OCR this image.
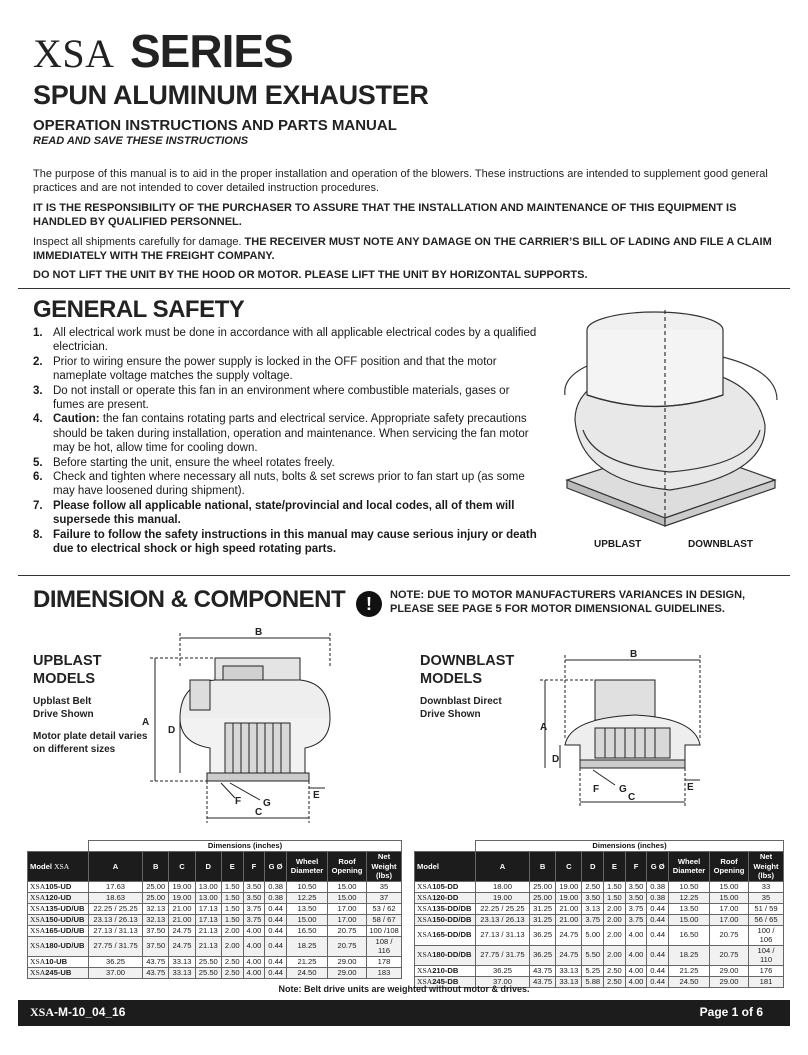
XSA SERIES
SPUN ALUMINUM EXHAUSTER
OPERATION INSTRUCTIONS AND PARTS MANUAL
READ AND SAVE THESE INSTRUCTIONS
The purpose of this manual is to aid in the proper installation and operation of the blowers. These instructions are intended to supplement good general practices and are not intended to cover detailed instruction procedures.
IT IS THE RESPONSIBILITY OF THE PURCHASER TO ASSURE THAT THE INSTALLATION AND MAINTENANCE OF THIS EQUIPMENT IS HANDLED BY QUALIFIED PERSONNEL.
Inspect all shipments carefully for damage. THE RECEIVER MUST NOTE ANY DAMAGE ON THE CARRIER’S BILL OF LADING AND FILE A CLAIM IMMEDIATELY WITH THE FREIGHT COMPANY.
DO NOT LIFT THE UNIT BY THE HOOD OR MOTOR. PLEASE LIFT THE UNIT BY HORIZONTAL SUPPORTS.
GENERAL SAFETY
1. All electrical work must be done in accordance with all applicable electrical codes by a qualified electrician.
2. Prior to wiring ensure the power supply is locked in the OFF position and that the motor nameplate voltage matches the supply voltage.
3. Do not install or operate this fan in an environment where combustible materials, gases or fumes are present.
4. Caution: the fan contains rotating parts and electrical service. Appropriate safety precautions should be taken during installation, operation and maintenance. When servicing the fan motor may be hot, allow time for cooling down.
5. Before starting the unit, ensure the wheel rotates freely.
6. Check and tighten where necessary all nuts, bolts & set screws prior to fan start up (as some may have loosened during shipment).
7. Please follow all applicable national, state/provincial and local codes, all of them will supersede this manual.
8. Failure to follow the safety instructions in this manual may cause serious injury or death due to electrical shock or high speed rotating parts.	UPBLAST	DOWNBLAST
DIMENSION & COMPONENT	!	NOTE: DUE TO MOTOR MANUFACTURERS VARIANCES IN DESIGN, PLEASE SEE PAGE 5 FOR MOTOR DIMENSIONAL GUIDELINES.
UPBLAST
MODELS
Upblast Belt
Drive Shown
Motor plate detail varies
on different sizes
B
A
D
C
E
F G
DOWNBLAST
MODELS
Downblast Direct
Drive Shown
B
A
D
C
E
F G
	Dimensions (inches)									
Model XSA	A	B	C	D	E	F	G Ø	Wheel Diameter	Roof Opening	Net Weight (lbs)
XSA105-UD	17.63	25.00	19.00	13.00	1.50	3.50	0.38	10.50	15.00	35
XSA120-UD	18.63	25.00	19.00	13.00	1.50	3.50	0.38	12.25	15.00	37
XSA135-UD/UB	22.25 / 25.25	32.13	21.00	17.13	1.50	3.75	0.44	13.50	17.00	53 / 62
XSA150-UD/UB	23.13 / 26.13	32.13	21.00	17.13	1.50	3.75	0.44	15.00	17.00	58 / 67
XSA165-UD/UB	27.13 / 31.13	37.50	24.75	21.13	2.00	4.00	0.44	16.50	20.75	100 /108
XSA180-UD/UB	27.75 / 31.75	37.50	24.75	21.13	2.00	4.00	0.44	18.25	20.75	108 / 116
XSA10-UB	36.25	43.75	33.13	25.50	2.50	4.00	0.44	21.25	29.00	178
XSA245-UB	37.00	43.75	33.13	25.50	2.50	4.00	0.44	24.50	29.00	183
	Dimensions (inches)									
Model	A	B	C	D	E	F	G Ø	Wheel Diameter	Roof Opening	Net Weight (lbs)
XSA105-DD	18.00	25.00	19.00	2.50	1.50	3.50	0.38	10.50	15.00	33
XSA120-DD	19.00	25.00	19.00	3.50	1.50	3.50	0.38	12.25	15.00	35
XSA135-DD/DB	22.25 / 25.25	31.25	21.00	3.13	2.00	3.75	0.44	13.50	17.00	51 / 59
XSA150-DD/DB	23.13 / 26.13	31.25	21.00	3.75	2.00	3.75	0.44	15.00	17.00	56 / 65
XSA165-DD/DB	27.13 / 31.13	36.25	24.75	5.00	2.00	4.00	0.44	16.50	20.75	100 / 106
XSA180-DD/DB	27.75 / 31.75	36.25	24.75	5.50	2.00	4.00	0.44	18.25	20.75	104 / 110
XSA210-DB	36.25	43.75	33.13	5.25	2.50	4.00	0.44	21.25	29.00	176
XSA245-DB	37.00	43.75	33.13	5.88	2.50	4.00	0.44	24.50	29.00	181
Note: Belt drive units are weighted without motor & drives.
XSA-M-10_04_16	Page 1 of 6
